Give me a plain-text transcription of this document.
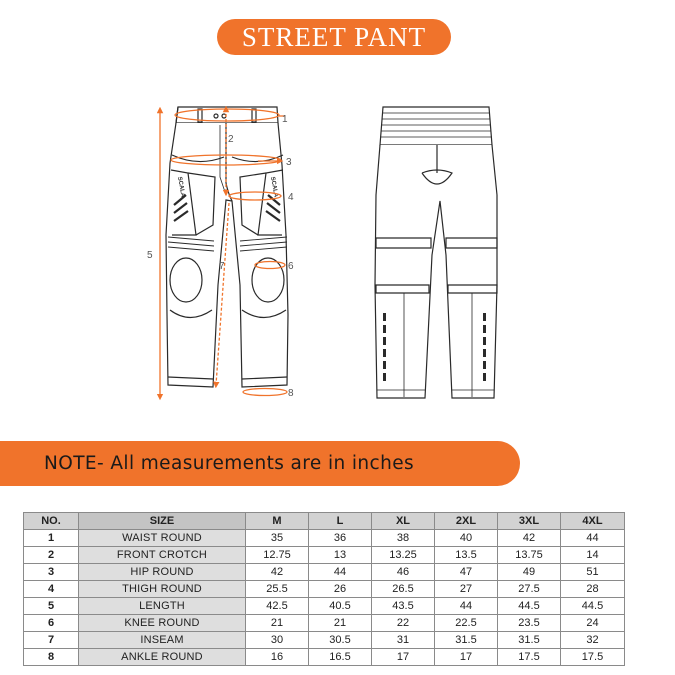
STREET PANT
SCALA	SCALA
1
2
3
4
5
6
7
8
NOTE- All measurements are in inches
NO.	SIZE	M	L	XL	2XL	3XL	4XL
1	WAIST ROUND	35	36	38	40	42	44
2	FRONT CROTCH	12.75	13	13.25	13.5	13.75	14
3	HIP ROUND	42	44	46	47	49	51
4	THIGH ROUND	25.5	26	26.5	27	27.5	28
5	LENGTH	42.5	40.5	43.5	44	44.5	44.5
6	KNEE ROUND	21	21	22	22.5	23.5	24
7	INSEAM	30	30.5	31	31.5	31.5	32
8	ANKLE ROUND	16	16.5	17	17	17.5	17.5
